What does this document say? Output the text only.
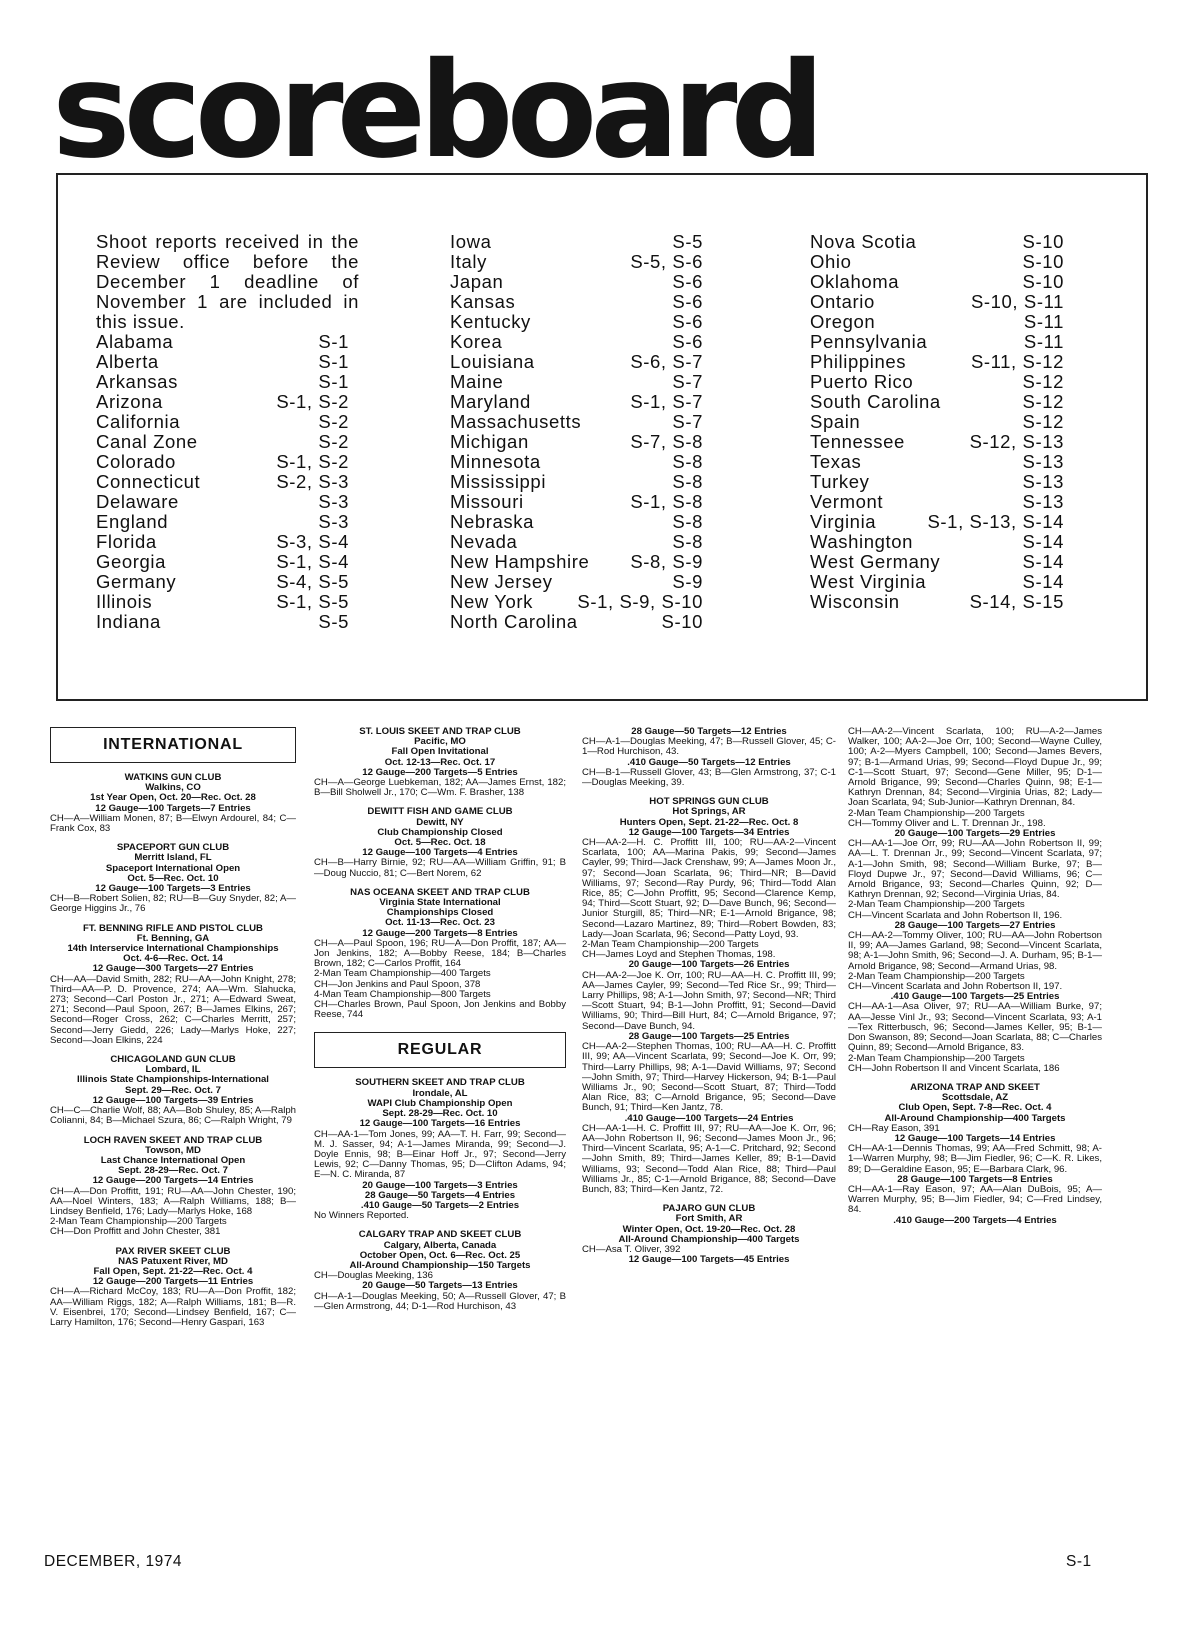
scoreboard
Shoot reports received in the Review office before the December 1 deadline of November 1 are included in this issue.
Alabama	S-1
Alberta	S-1
Arkansas	S-1
Arizona	S-1, S-2
California	S-2
Canal Zone	S-2
Colorado	S-1, S-2
Connecticut	S-2, S-3
Delaware	S-3
England	S-3
Florida	S-3, S-4
Georgia	S-1, S-4
Germany	S-4, S-5
Illinois	S-1, S-5
Indiana	S-5
Iowa	S-5
Italy	S-5, S-6
Japan	S-6
Kansas	S-6
Kentucky	S-6
Korea	S-6
Louisiana	S-6, S-7
Maine	S-7
Maryland	S-1, S-7
Massachusetts	S-7
Michigan	S-7, S-8
Minnesota	S-8
Mississippi	S-8
Missouri	S-1, S-8
Nebraska	S-8
Nevada	S-8
New Hampshire S-8, S-9
New Jersey	S-9
New York S-1, S-9, S-10
North Carolina	S-10
Nova Scotia	S-10
Ohio	S-10
Oklahoma	S-10
Ontario	S-10, S-11
Oregon	S-11
Pennsylvania	S-11
Philippines	S-11, S-12
Puerto Rico	S-12
South Carolina	S-12
Spain	S-12
Tennessee	S-12, S-13
Texas	S-13
Turkey	S-13
Vermont	S-13
Virginia	S-1, S-13, S-14
Washington	S-14
West Germany	S-14
West Virginia	S-14
Wisconsin	S-14, S-15
INTERNATIONAL
WATKINS GUN CLUB
Walkins, CO
1st Year Open, Oct. 20—Rec. Oct. 28
12 Gauge—100 Targets—7 Entries

CH—A—William Monen, 87; B—Elwyn Ardourel, 84; C—Frank Cox, 83

SPACEPORT GUN CLUB
Merritt Island, FL
Spaceport International Open
Oct. 5—Rec. Oct. 10
12 Gauge—100 Targets—3 Entries

CH—B—Robert Solien, 82; RU—B—Guy Snyder, 82; A—George Higgins Jr., 76

FT. BENNING RIFLE AND PISTOL CLUB
Ft. Benning, GA
14th Interservice International Championships
Oct. 4-6—Rec. Oct. 14
12 Gauge—300 Targets—27 Entries

CH—AA—David Smith, 282; RU—AA—John Knight, 278; Third—AA—P. D. Provence, 274; AA—Wm. Slahucka, 273; Second—Carl Poston Jr., 271; A—Edward Sweat, 271; Second—Paul Spoon, 267; B—James Elkins, 267; Second—Roger Cross, 262; C—Charles Merritt, 257; Second—Jerry Giedd, 226; Lady—Marlys Hoke, 227; Second—Joan Elkins, 224

CHICAGOLAND GUN CLUB
Lombard, IL
Illinois State Championships-International
Sept. 29—Rec. Oct. 7
12 Gauge—100 Targets—39 Entries

CH—C—Charlie Wolf, 88; AA—Bob Shuley, 85; A—Ralph Colianni, 84; B—Michael Szura, 86; C—Ralph Wright, 79

LOCH RAVEN SKEET AND TRAP CLUB
Towson, MD
Last Chance International Open
Sept. 28-29—Rec. Oct. 7
12 Gauge—200 Targets—14 Entries

CH—A—Don Proffitt, 191; RU—AA—John Chester, 190; AA—Noel Winters, 183; A—Ralph Williams, 188; B—Lindsey Benfield, 176; Lady—Marlys Hoke, 168

2-Man Team Championship—200 Targets

CH—Don Proffitt and John Chester, 381

PAX RIVER SKEET CLUB
NAS Patuxent River, MD
Fall Open, Sept. 21-22—Rec. Oct. 4
12 Gauge—200 Targets—11 Entries

CH—A—Richard McCoy, 183; RU—A—Don Proffit, 182; AA—William Riggs, 182; A—Ralph Williams, 181; B—R. V. Eisenbrei, 170; Second—Lindsey Benfield, 167; C—Larry Hamilton, 176; Second—Henry Gaspari, 163

ST. LOUIS SKEET AND TRAP CLUB
Pacific, MO
Fall Open Invitational
Oct. 12-13—Rec. Oct. 17
12 Gauge—200 Targets—5 Entries

CH—A—George Luebkeman, 182; AA—James Ernst, 182; B—Bill Sholwell Jr., 170; C—Wm. F. Brasher, 138

DEWITT FISH AND GAME CLUB
Dewitt, NY
Club Championship Closed
Oct. 5—Rec. Oct. 18
12 Gauge—100 Targets—4 Entries

CH—B—Harry Birnie, 92; RU—AA—William Griffin, 91; B—Doug Nuccio, 81; C—Bert Norem, 62

NAS OCEANA SKEET AND TRAP CLUB
Virginia State International
Championships Closed
Oct. 11-13—Rec. Oct. 23
12 Gauge—200 Targets—8 Entries

CH—A—Paul Spoon, 196; RU—A—Don Proffit, 187; AA—Jon Jenkins, 182; A—Bobby Reese, 184; B—Charles Brown, 182; C—Carlos Proffit, 164

2-Man Team Championship—400 Targets

CH—Jon Jenkins and Paul Spoon, 378

4-Man Team Championship—800 Targets

CH—Charles Brown, Paul Spoon, Jon Jenkins and Bobby Reese, 744

REGULAR
SOUTHERN SKEET AND TRAP CLUB
Irondale, AL
WAPI Club Championship Open
Sept. 28-29—Rec. Oct. 10
12 Gauge—100 Targets—16 Entries

CH—AA-1—Tom Jones, 99; AA—T. H. Farr, 99; Second—M. J. Sasser, 94; A-1—James Miranda, 99; Second—J. Doyle Ennis, 98; B—Einar Hoff Jr., 97; Second—Jerry Lewis, 92; C—Danny Thomas, 95; D—Clifton Adams, 94; E—N. C. Miranda, 87

20 Gauge—100 Targets—3 Entries
28 Gauge—50 Targets—4 Entries
.410 Gauge—50 Targets—2 Entries

No Winners Reported.

CALGARY TRAP AND SKEET CLUB
Calgary, Alberta, Canada
October Open, Oct. 6—Rec. Oct. 25
All-Around Championship—150 Targets

CH—Douglas Meeking, 136

20 Gauge—50 Targets—13 Entries

CH—A-1—Douglas Meeking, 50; A—Russell Glover, 47; B—Glen Armstrong, 44; D-1—Rod Hurchison, 43

28 Gauge—50 Targets—12 Entries

CH—A-1—Douglas Meeking, 47; B—Russell Glover, 45; C-1—Rod Hurchison, 43.

.410 Gauge—50 Targets—12 Entries

CH—B-1—Russell Glover, 43; B—Glen Armstrong, 37; C-1—Douglas Meeking, 39.

HOT SPRINGS GUN CLUB
Hot Springs, AR
Hunters Open, Sept. 21-22—Rec. Oct. 8
12 Gauge—100 Targets—34 Entries

CH—AA-2—H. C. Proffitt III, 100; RU—AA-2—Vincent Scarlata, 100; AA—Marina Pakis, 99; Second—James Cayler, 99; Third—Jack Crenshaw, 99; A—James Moon Jr., 97; Second—Joan Scarlata, 96; Third—NR; B—David Williams, 97; Second—Ray Purdy, 96; Third—Todd Alan Rice, 85; C—John Proffitt, 95; Second—Clarence Kemp, 94; Third—Scott Stuart, 92; D—Dave Bunch, 96; Second—Junior Sturgill, 85; Third—NR; E-1—Arnold Brigance, 98; Second—Lazaro Martinez, 89; Third—Robert Bowden, 83; Lady—Joan Scarlata, 96; Second—Patty Loyd, 93.

2-Man Team Championship—200 Targets

CH—James Loyd and Stephen Thomas, 198.

20 Gauge—100 Targets—26 Entries

CH—AA-2—Joe K. Orr, 100; RU—AA—H. C. Proffitt III, 99; AA—James Cayler, 99; Second—Ted Rice Sr., 99; Third—Larry Phillips, 98; A-1—John Smith, 97; Second—NR; Third—Scott Stuart, 94; B-1—John Proffitt, 91; Second—David Williams, 90; Third—Bill Hurt, 84; C—Arnold Brigance, 97; Second—Dave Bunch, 94.

28 Gauge—100 Targets—25 Entries

CH—AA-2—Stephen Thomas, 100; RU—AA—H. C. Proffitt III, 99; AA—Vincent Scarlata, 99; Second—Joe K. Orr, 99; Third—Larry Phillips, 98; A-1—David Williams, 97; Second—John Smith, 97; Third—Harvey Hickerson, 94; B-1—Paul Williams Jr., 90; Second—Scott Stuart, 87; Third—Todd Alan Rice, 83; C—Arnold Brigance, 95; Second—Dave Bunch, 91; Third—Ken Jantz, 78.

.410 Gauge—100 Targets—24 Entries

CH—AA-1—H. C. Proffitt III, 97; RU—AA—Joe K. Orr, 96; AA—John Robertson II, 96; Second—James Moon Jr., 96; Third—Vincent Scarlata, 95; A-1—C. Pritchard, 92; Second—John Smith, 89; Third—James Keller, 89; B-1—David Williams, 93; Second—Todd Alan Rice, 88; Third—Paul Williams Jr., 85; C-1—Arnold Brigance, 88; Second—Dave Bunch, 83; Third—Ken Jantz, 72.

PAJARO GUN CLUB
Fort Smith, AR
Winter Open, Oct. 19-20—Rec. Oct. 28
All-Around Championship—400 Targets

CH—Asa T. Oliver, 392

12 Gauge—100 Targets—45 Entries

CH—AA-2—Vincent Scarlata, 100; RU—A-2—James Walker, 100; AA-2—Joe Orr, 100; Second—Wayne Culley, 100; A-2—Myers Campbell, 100; Second—James Bevers, 97; B-1—Armand Urias, 99; Second—Floyd Dupue Jr., 99; C-1—Scott Stuart, 97; Second—Gene Miller, 95; D-1—Arnold Brigance, 99; Second—Charles Quinn, 98; E-1—Kathryn Drennan, 84; Second—Virginia Urias, 82; Lady—Joan Scarlata, 94; Sub-Junior—Kathryn Drennan, 84.

2-Man Team Championship—200 Targets

CH—Tommy Oliver and L. T. Drennan Jr., 198.

20 Gauge—100 Targets—29 Entries

CH—AA-1—Joe Orr, 99; RU—AA—John Robertson II, 99; AA—L. T. Drennan Jr., 99; Second—Vincent Scarlata, 97; A-1—John Smith, 98; Second—William Burke, 97; B—Floyd Dupwe Jr., 97; Second—David Williams, 96; C—Arnold Brigance, 93; Second—Charles Quinn, 92; D—Kathryn Drennan, 92; Second—Virginia Urias, 84.

2-Man Team Championship—200 Targets

CH—Vincent Scarlata and John Robertson II, 196.

28 Gauge—100 Targets—27 Entries

CH—AA-2—Tommy Oliver, 100; RU—AA—John Robertson II, 99; AA—James Garland, 98; Second—Vincent Scarlata, 98; A-1—John Smith, 96; Second—J. A. Durham, 95; B-1—Arnold Brigance, 98; Second—Armand Urias, 98.

2-Man Team Championship—200 Targets

CH—Vincent Scarlata and John Robertson II, 197.

.410 Gauge—100 Targets—25 Entries

CH—AA-1—Asa Oliver, 97; RU—AA—William Burke, 97; AA—Jesse Vinl Jr., 93; Second—Vincent Scarlata, 93; A-1—Tex Ritterbusch, 96; Second—James Keller, 95; B-1—Don Swanson, 89; Second—Joan Scarlata, 88; C—Charles Quinn, 89; Second—Arnold Brigance, 83.

2-Man Team Championship—200 Targets

CH—John Robertson II and Vincent Scarlata, 186

ARIZONA TRAP AND SKEET
Scottsdale, AZ
Club Open, Sept. 7-8—Rec. Oct. 4
All-Around Championship—400 Targets

CH—Ray Eason, 391

12 Gauge—100 Targets—14 Entries

CH—AA-1—Dennis Thomas, 99; AA—Fred Schmitt, 98; A-1—Warren Murphy, 98; B—Jim Fiedler, 96; C—K. R. Likes, 89; D—Geraldine Eason, 95; E—Barbara Clark, 96.

28 Gauge—100 Targets—8 Entries

CH—AA-1—Ray Eason, 97; AA—Alan DuBois, 95; A—Warren Murphy, 95; B—Jim Fiedler, 94; C—Fred Lindsey, 84.

.410 Gauge—200 Targets—4 Entries
DECEMBER, 1974	S-1
